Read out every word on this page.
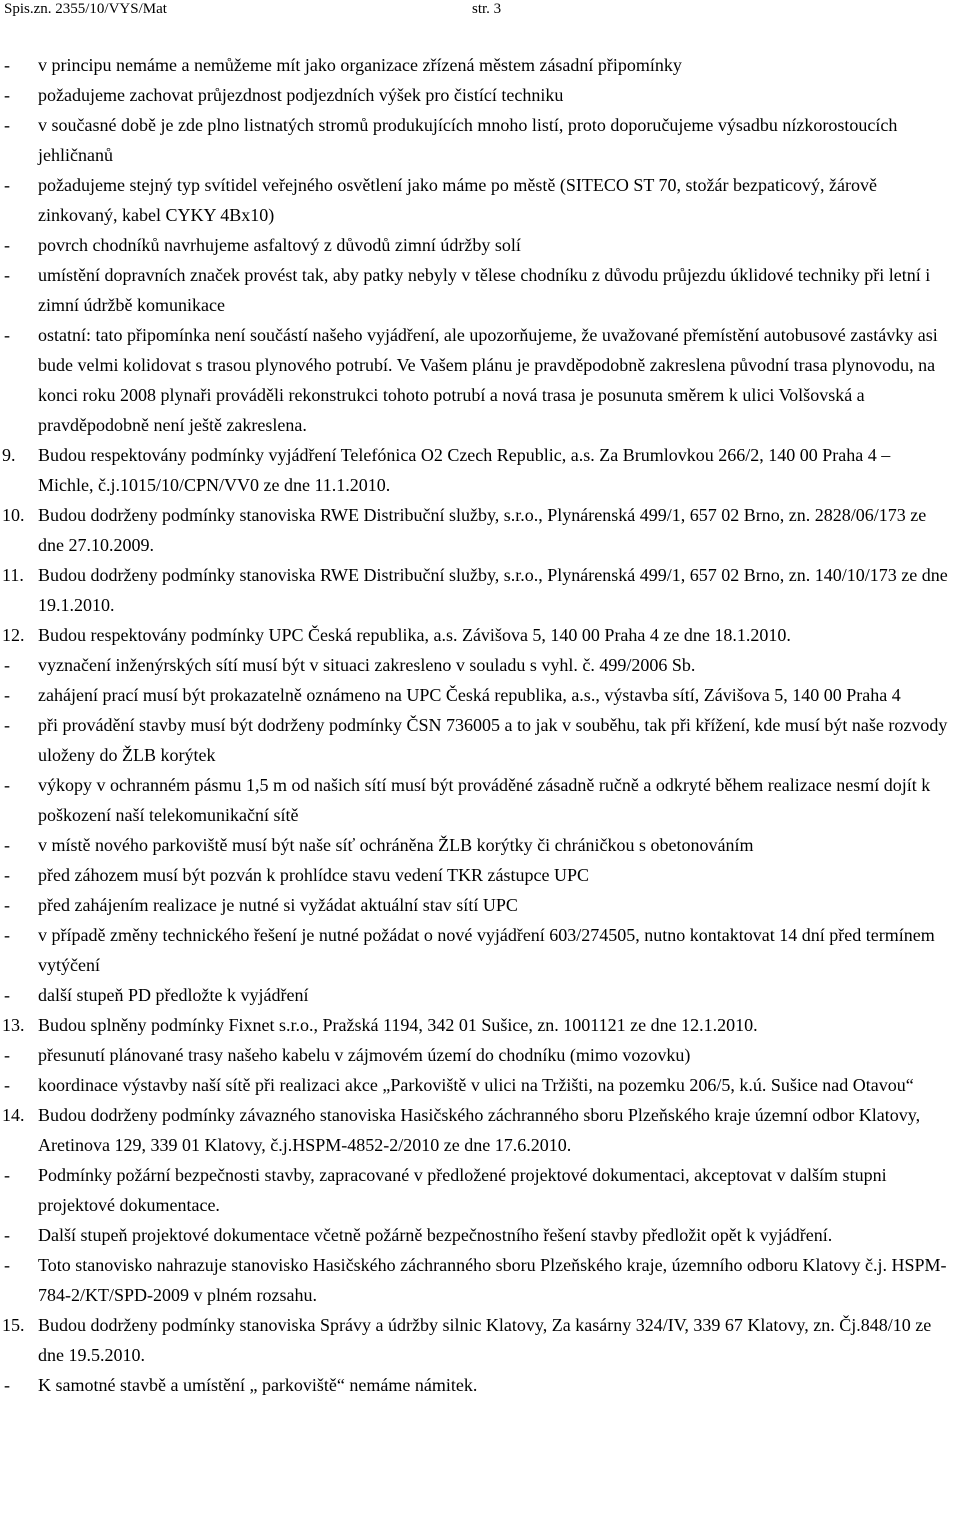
Spis.zn. 2355/10/VYS/Mat	str. 3
- v principu nemáme a nemůžeme mít jako organizace zřízená městem zásadní připomínky
- požadujeme zachovat průjezdnost podjezdních výšek pro čistící techniku
- v současné době je zde plno listnatých stromů produkujících mnoho listí, proto doporučujeme výsadbu nízkorostoucích jehličnanů
- požadujeme stejný typ svítidel veřejného osvětlení jako máme po městě (SITECO ST 70, stožár bezpaticový, žárově zinkovaný, kabel CYKY 4Bx10)
- povrch chodníků navrhujeme asfaltový z důvodů zimní údržby solí
- umístění dopravních značek provést tak, aby patky nebyly v tělese chodníku z důvodu průjezdu úklidové techniky při letní i zimní údržbě komunikace
- ostatní: tato připomínka není součástí našeho vyjádření, ale upozorňujeme, že uvažované přemístění autobusové zastávky asi bude velmi kolidovat s trasou plynového potrubí. Ve Vašem plánu je pravděpodobně zakreslena původní trasa plynovodu, na konci roku 2008 plynaři prováděli rekonstrukci tohoto potrubí a nová trasa je posunuta směrem k ulici Volšovská a pravděpodobně není ještě zakreslena.
9. Budou respektovány podmínky vyjádření Telefónica O2 Czech Republic, a.s. Za Brumlovkou 266/2, 140 00 Praha 4 – Michle, č.j.1015/10/CPN/VV0 ze dne 11.1.2010.
10. Budou dodrženy podmínky stanoviska RWE Distribuční služby, s.r.o., Plynárenská 499/1, 657 02 Brno, zn. 2828/06/173 ze dne 27.10.2009.
11. Budou dodrženy podmínky stanoviska RWE Distribuční služby, s.r.o., Plynárenská 499/1, 657 02 Brno, zn. 140/10/173 ze dne 19.1.2010.
12. Budou respektovány podmínky UPC Česká republika, a.s. Závišova 5, 140 00 Praha 4 ze dne 18.1.2010.
- vyznačení inženýrských sítí musí být v situaci zakresleno v souladu s vyhl. č. 499/2006 Sb.
- zahájení prací musí být prokazatelně oznámeno na UPC Česká republika, a.s., výstavba sítí, Závišova 5, 140 00 Praha 4
- při provádění stavby musí být dodrženy podmínky ČSN 736005 a to jak v souběhu, tak při křížení, kde musí být naše rozvody uloženy do ŽLB korýtek
- výkopy v ochranném pásmu 1,5 m od našich sítí musí být prováděné zásadně ručně a odkryté během realizace nesmí dojít k poškození naší telekomunikační sítě
- v místě nového parkoviště musí být naše síť ochráněna ŽLB korýtky či chráničkou s obetonováním
- před záhozem musí být pozván k prohlídce stavu vedení TKR zástupce UPC
- před zahájením realizace je nutné si vyžádat aktuální stav sítí UPC
- v případě změny technického řešení je nutné požádat o nové vyjádření 603/274505, nutno kontaktovat 14 dní před termínem vytýčení
- další stupeň PD předložte k vyjádření
13. Budou splněny podmínky Fixnet s.r.o., Pražská 1194, 342 01 Sušice, zn. 1001121 ze dne 12.1.2010.
- přesunutí plánované trasy našeho kabelu v zájmovém území do chodníku (mimo vozovku)
- koordinace výstavby naší sítě při realizaci akce „Parkoviště v ulici na Tržišti, na pozemku 206/5, k.ú. Sušice nad Otavou“
14. Budou dodrženy podmínky závazného stanoviska Hasičského záchranného sboru Plzeňského kraje územní odbor Klatovy, Aretinova 129, 339 01 Klatovy, č.j.HSPM-4852-2/2010 ze dne 17.6.2010.
- Podmínky požární bezpečnosti stavby, zapracované v předložené projektové dokumentaci, akceptovat v dalším stupni projektové dokumentace.
- Další stupeň projektové dokumentace včetně požárně bezpečnostního řešení stavby předložit opět k vyjádření.
- Toto stanovisko nahrazuje stanovisko Hasičského záchranného sboru Plzeňského kraje, územního odboru Klatovy č.j. HSPM-784-2/KT/SPD-2009 v plném rozsahu.
15. Budou dodrženy podmínky stanoviska Správy a údržby silnic Klatovy, Za kasárny 324/IV, 339 67 Klatovy, zn. Čj.848/10 ze dne 19.5.2010.
- K samotné stavbě a umístění „ parkoviště“ nemáme námitek.
